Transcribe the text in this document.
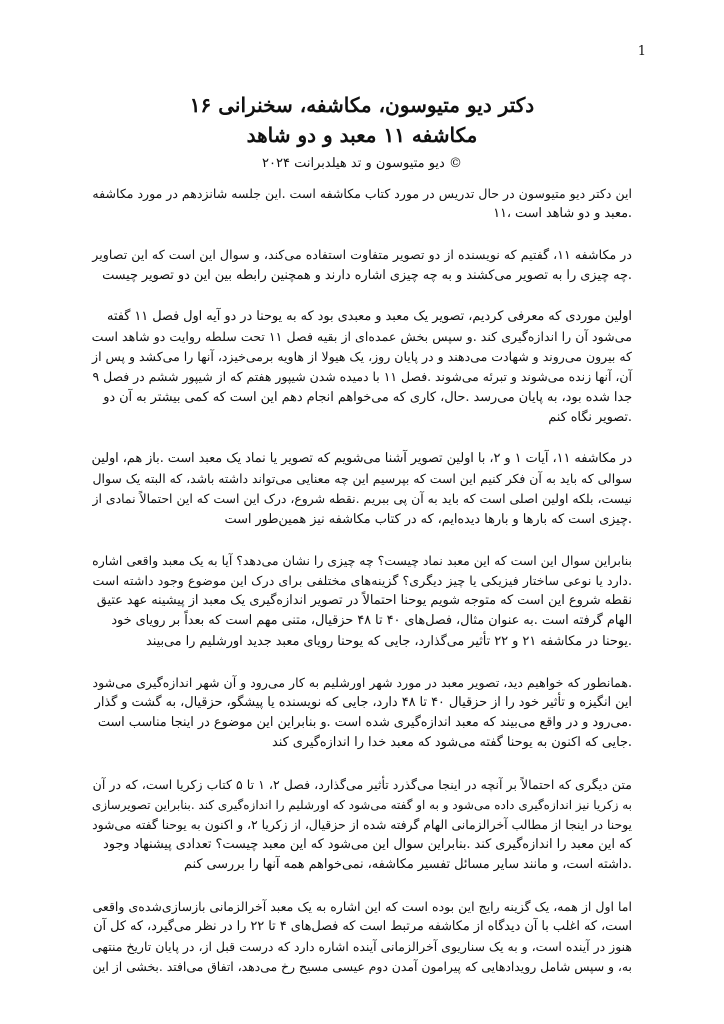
1

دکتر دیو متیوسون، مکاشفه، سخنرانی ۱۶

مکاشفه ۱۱ معبد و دو شاهد

دیو متیوسون و تد هیلدبرانت ۲۰۲۴ ©

این دکتر دیو متیوسون در حال تدریس در مورد کتاب مکاشفه است .این جلسه شانزدهم در مورد مکاشفه
.معبد و دو شاهد است ،۱۱

در مکاشفه ۱۱، گفتیم که نویسنده از دو تصویر متفاوت استفاده می‌کند، و سوال این است که این تصاویر
.چه چیزی را به تصویر می‌کشند و به چه چیزی اشاره دارند و همچنین رابطه بین این دو تصویر چیست

اولین موردی که معرفی کردیم، تصویر یک معبد و معبدی بود که به یوحنا در دو آیه اول فصل ۱۱ گفته
می‌شود آن را اندازه‌گیری کند .و سپس بخش عمده‌ای از بقیه فصل ۱۱ تحت سلطه روایت دو شاهد است
که بیرون می‌روند و شهادت می‌دهند و در پایان روز، یک هیولا از هاویه برمی‌خیزد، آنها را می‌کشد و پس از
آن، آنها زنده می‌شوند و تبرئه می‌شوند .فصل ۱۱ با دمیده شدن شیپور هفتم که از شیپور ششم در فصل ۹
جدا شده بود، به پایان می‌رسد .حال، کاری که می‌خواهم انجام دهم این است که کمی بیشتر به آن دو
.تصویر نگاه کنم

در مکاشفه ۱۱، آیات ۱ و ۲، با اولین تصویر آشنا می‌شویم که تصویر یا نماد یک معبد است .باز هم، اولین
سوالی که باید به آن فکر کنیم این است که بپرسیم این چه معنایی می‌تواند داشته باشد، که البته یک سوال
نیست، بلکه اولین اصلی است که باید به آن پی ببریم .نقطه شروع، درک این است که این احتمالاً نمادی از
.چیزی است که بارها و بارها دیده‌ایم، که در کتاب مکاشفه نیز همین‌طور است

بنابراین سوال این است که این معبد نماد چیست؟ چه چیزی را نشان می‌دهد؟ آیا به یک معبد واقعی اشاره
.دارد یا نوعی ساختار فیزیکی یا چیز دیگری؟ گزینه‌های مختلفی برای درک این موضوع وجود داشته است
نقطه شروع این است که متوجه شویم یوحنا احتمالاً در تصویر اندازه‌گیری یک معبد از پیشینه عهد عتیق
الهام گرفته است .به عنوان مثال، فصل‌های ۴۰ تا ۴۸ حزقیال، متنی مهم است که بعداً بر رویای خود
.یوحنا در مکاشفه ۲۱ و ۲۲ تأثیر می‌گذارد، جایی که یوحنا رویای معبد جدید اورشلیم را می‌بیند

.همانطور که خواهیم دید، تصویر معبد در مورد شهر اورشلیم به کار می‌رود و آن شهر اندازه‌گیری می‌شود
این انگیزه و تأثیر خود را از حزقیال ۴۰ تا ۴۸ دارد، جایی که نویسنده یا پیشگو، حزقیال، به گشت و گذار
.می‌رود و در واقع می‌بیند که معبد اندازه‌گیری شده است .و بنابراین این موضوع در اینجا مناسب است
.جایی که اکنون به یوحنا گفته می‌شود که معبد خدا را اندازه‌گیری کند

متن دیگری که احتمالاً بر آنچه در اینجا می‌گذرد تأثیر می‌گذارد، فصل ۲، ۱ تا ۵ کتاب زکریا است، که در آن
به زکریا نیز اندازه‌گیری داده می‌شود و به او گفته می‌شود که اورشلیم را اندازه‌گیری کند .بنابراین تصویرسازی
یوحنا در اینجا از مطالب آخرالزمانی الهام گرفته شده از حزقیال، از زکریا ۲، و اکنون به یوحنا گفته می‌شود
که این معبد را اندازه‌گیری کند .بنابراین سوال این می‌شود که این معبد چیست؟ تعدادی پیشنهاد وجود
.داشته است، و مانند سایر مسائل تفسیر مکاشفه، نمی‌خواهم همه آنها را بررسی کنم

اما اول از همه، یک گزینه رایج این بوده است که این اشاره به یک معبد آخرالزمانی بازسازی‌شده‌ی واقعی
است، که اغلب با آن دیدگاه از مکاشفه مرتبط است که فصل‌های ۴ تا ۲۲ را در نظر می‌گیرد، که کل آن
هنوز در آینده است، و به یک سناریوی آخرالزمانی آینده اشاره دارد که درست قبل از، در پایان تاریخ منتهی
به، و سپس شامل رویدادهایی که پیرامون آمدن دوم عیسی مسیح رخ می‌دهد، اتفاق می‌افتد .بخشی از این
